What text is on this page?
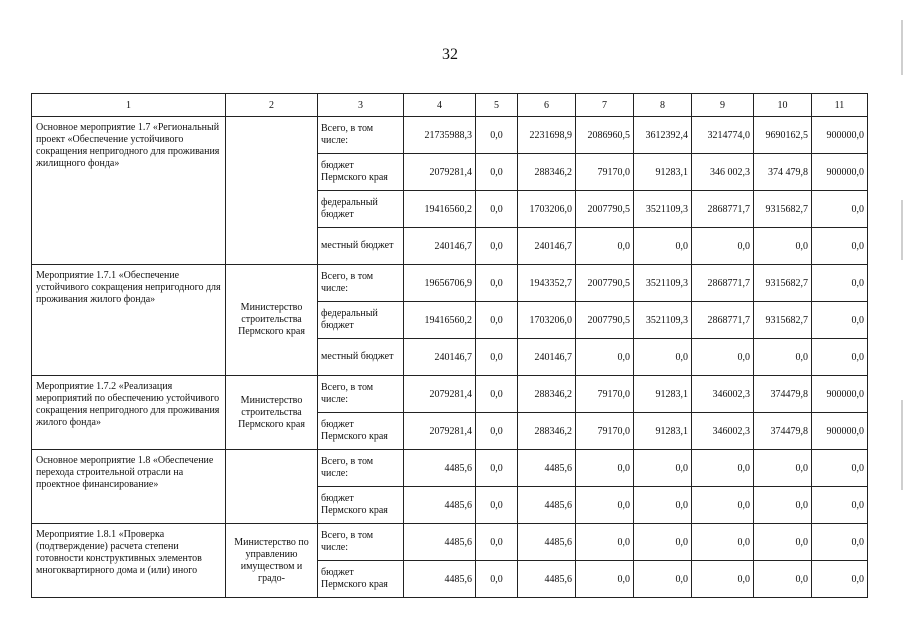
32
1	2	3	4	5	6	7	8	9	10	11
Основное мероприятие 1.7 «Региональный проект «Обеспечение устойчивого сокращения непригодного для проживания жилищного фонда»		Всего, в том числе:	21735988,3	0,0	2231698,9	2086960,5	3612392,4	3214774,0	9690162,5	900000,0
		бюджет Пермского края	2079281,4	0,0	288346,2	79170,0	91283,1	346 002,3	374 479,8	900000,0
		федеральный бюджет	19416560,2	0,0	1703206,0	2007790,5	3521109,3	2868771,7	9315682,7	0,0
		местный бюджет	240146,7	0,0	240146,7	0,0	0,0	0,0	0,0	0,0
Мероприятие 1.7.1 «Обеспечение устойчивого сокращения непригодного для проживания жилого фонда»	Министерство строительства Пермского края	Всего, в том числе:	19656706,9	0,0	1943352,7	2007790,5	3521109,3	2868771,7	9315682,7	0,0
		федеральный бюджет	19416560,2	0,0	1703206,0	2007790,5	3521109,3	2868771,7	9315682,7	0,0
		местный бюджет	240146,7	0,0	240146,7	0,0	0,0	0,0	0,0	0,0
Мероприятие 1.7.2 «Реализация мероприятий по обеспечению устойчивого сокращения непригодного для проживания жилого фонда»	Министерство строительства Пермского края	Всего, в том числе:	2079281,4	0,0	288346,2	79170,0	91283,1	346002,3	374479,8	900000,0
		бюджет Пермского края	2079281,4	0,0	288346,2	79170,0	91283,1	346002,3	374479,8	900000,0
Основное мероприятие 1.8 «Обеспечение перехода строительной отрасли на проектное финансирование»		Всего, в том числе:	4485,6	0,0	4485,6	0,0	0,0	0,0	0,0	0,0
		бюджет Пермского края	4485,6	0,0	4485,6	0,0	0,0	0,0	0,0	0,0
Мероприятие 1.8.1 «Проверка (подтверждение) расчета степени готовности конструктивных элементов многоквартирного дома и (или) иного	Министерство по управлению имуществом и градо-	Всего, в том числе:	4485,6	0,0	4485,6	0,0	0,0	0,0	0,0	0,0
		бюджет Пермского края	4485,6	0,0	4485,6	0,0	0,0	0,0	0,0	0,0
